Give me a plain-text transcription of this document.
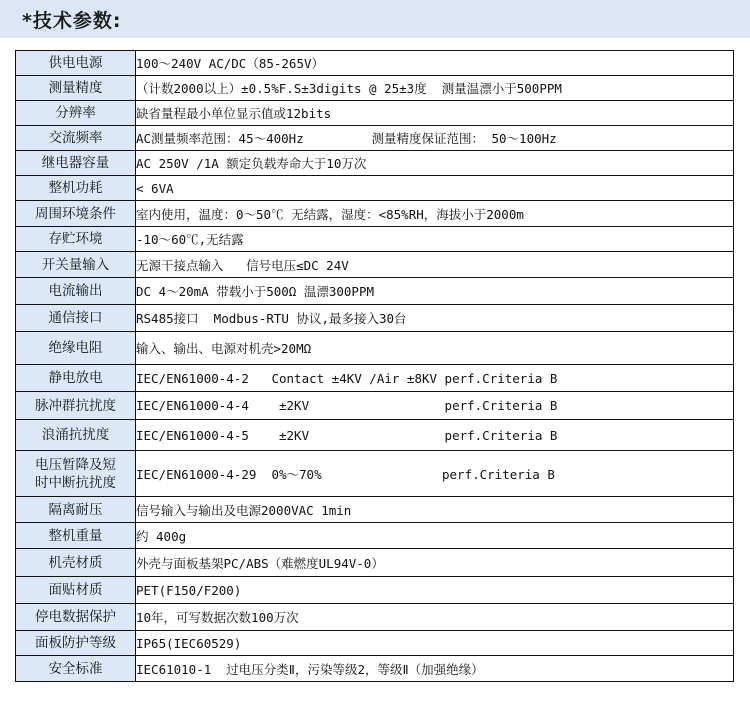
*技术参数:
供电电源	100～240V AC/DC（85-265V）
测量精度	（计数2000以上）±0.5%F.S±3digits @ 25±3度  测量温漂小于500PPM
分辨率	缺省量程最小单位显示值或12bits
交流频率	AC测量频率范围：45～400Hz         测量精度保证范围： 50～100Hz
继电器容量	AC 250V /1A 额定负载寿命大于10万次
整机功耗	< 6VA
周围环境条件	室内使用，温度：0～50℃ 无结露，湿度：<85%RH，海拔小于2000m
存贮环境	-10～60℃,无结露
开关量输入	无源干接点输入   信号电压≤DC 24V
电流输出	DC 4～20mA 带载小于500Ω 温漂300PPM
通信接口	RS485接口  Modbus-RTU 协议,最多接入30台
绝缘电阻	输入、输出、电源对机壳>20MΩ
静电放电	IEC/EN61000-4-2   Contact ±4KV /Air ±8KV perf.Criteria B
脉冲群抗扰度	IEC/EN61000-4-4    ±2KV                  perf.Criteria B
浪涌抗扰度	IEC/EN61000-4-5    ±2KV                  perf.Criteria B
电压暂降及短
时中断抗扰度	IEC/EN61000-4-29  0%～70%                perf.Criteria B
隔离耐压	信号输入与输出及电源2000VAC 1min
整机重量	约 400g
机壳材质	外壳与面板基架PC/ABS（难燃度UL94V-0）
面贴材质	PET(F150/F200)
停电数据保护	10年，可写数据次数100万次
面板防护等级	IP65(IEC60529)
安全标准	IEC61010-1  过电压分类Ⅱ，污染等级2，等级Ⅱ（加强绝缘）
